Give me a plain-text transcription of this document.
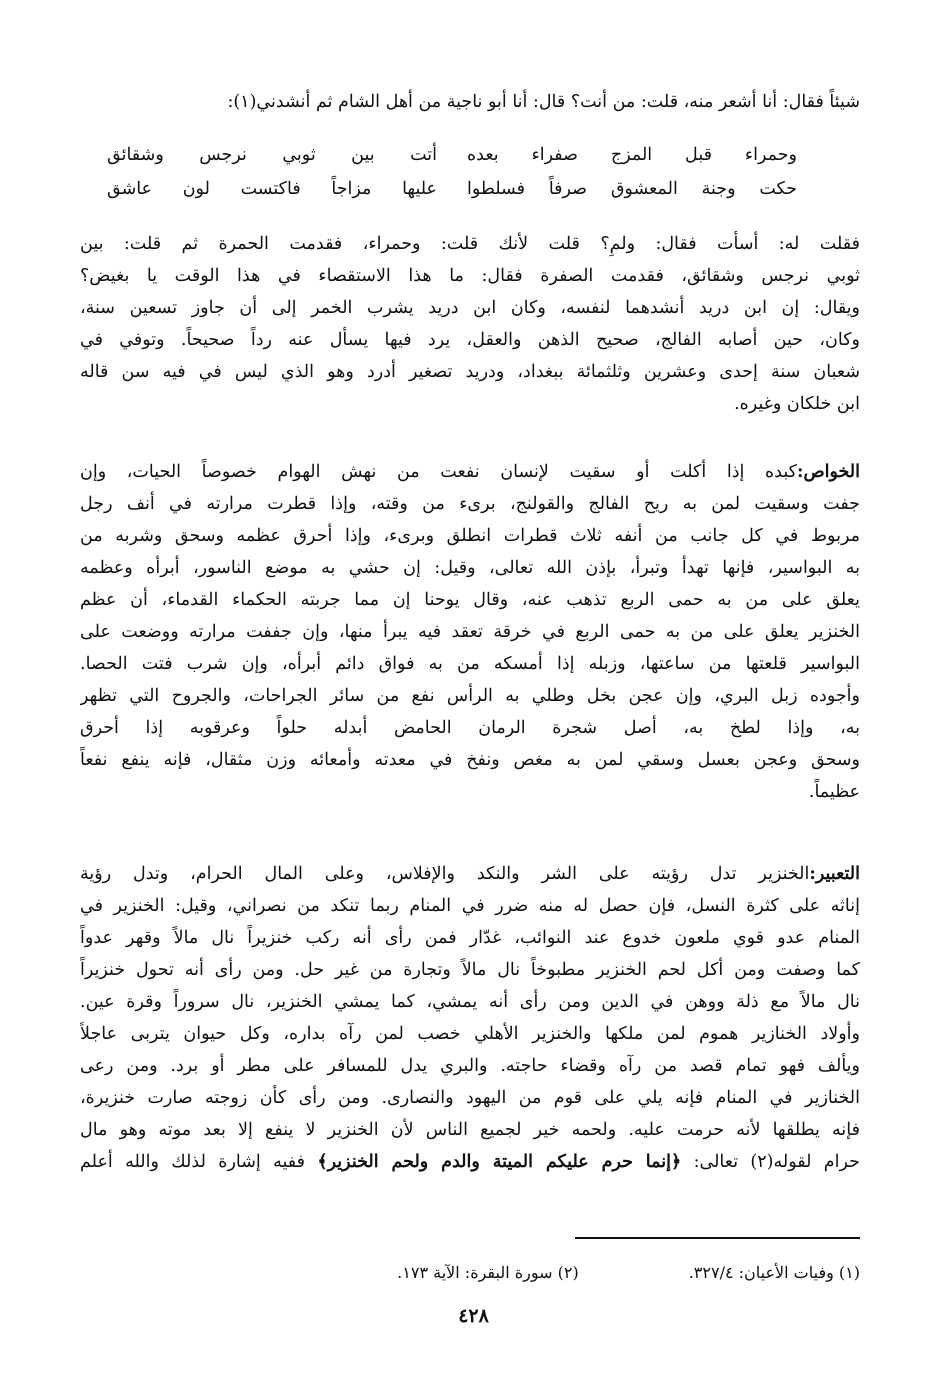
شيئاً فقال: أنا أشعر منه، قلت: من أنت؟ قال: أنا أبو ناجية من أهل الشام ثم أنشدني(١):
وحمراء قبل المزج صفراء بعده
أتت بين ثوبي نرجس وشقائق
حكت وجنة المعشوق صرفاً فسلطوا
عليها مزاجاً فاكتست لون عاشق
فقلت له: أسأت فقال: ولمِ؟ قلت لأنك قلت: وحمراء، فقدمت الحمرة ثم قلت: بين
ثوبي نرجس وشقائق، فقدمت الصفرة فقال: ما هذا الاستقصاء في هذا الوقت يا بغيض؟
ويقال: إن ابن دريد أنشدهما لنفسه، وكان ابن دريد يشرب الخمر إلى أن جاوز تسعين سنة،
وكان، حين أصابه الفالج، صحيح الذهن والعقل، يرد فيها يسأل عنه رداً صحيحاً. وتوفي في
شعبان سنة إحدى وعشرين وثلثمائة ببغداد، ودريد تصغير أدرد وهو الذي ليس في فيه سن قاله
ابن خلكان وغيره.
الخواص:كبده إذا أكلت أو سقيت لإنسان نفعت من نهش الهوام خصوصاً الحيات، وإن
جفت وسقيت لمن به ريح الفالج والقولنج، برىء من وقته، وإذا قطرت مرارته في أنف رجل
مربوط في كل جانب من أنفه ثلاث قطرات انطلق وبرىء، وإذا أحرق عظمه وسحق وشربه من
به البواسير، فإنها تهدأ وتبرأ، بإذن الله تعالى، وقيل: إن حشي به موضع الناسور، أبرأه وعظمه
يعلق على من به حمى الربع تذهب عنه، وقال يوحنا إن مما جربته الحكماء القدماء، أن عظم
الخنزير يعلق على من به حمى الربع في خرقة تعقد فيه يبرأ منها، وإن جففت مرارته ووضعت على
البواسير قلعتها من ساعتها، وزبله إذا أمسكه من به فواق دائم أبرأه، وإن شرب فتت الحصا.
وأجوده زبل البري، وإن عجن بخل وطلي به الرأس نفع من سائر الجراحات، والجروح التي تظهر
به، وإذا لطخ به، أصل شجرة الرمان الحامض أبدله حلواً وعرقوبه إذا أحرق
وسحق وعجن بعسل وسقي لمن به مغص ونفخ في معدته وأمعائه وزن مثقال، فإنه ينفع نفعاً
عظيماً.
التعبير:الخنزير تدل رؤيته على الشر والنكد والإفلاس، وعلى المال الحرام، وتدل رؤية
إناثه على كثرة النسل، فإن حصل له منه ضرر في المنام ربما تنكد من نصراني، وقيل: الخنزير في
المنام عدو قوي ملعون خدوع عند النوائب، غدّار فمن رأى أنه ركب خنزيراً نال مالاً وقهر عدواً
كما وصفت ومن أكل لحم الخنزير مطبوخاً نال مالاً وتجارة من غير حل. ومن رأى أنه تحول خنزيراً
نال مالاً مع ذلة ووهن في الدين ومن رأى أنه يمشي، كما يمشي الخنزير، نال سروراً وقرة عين.
وأولاد الخنازير هموم لمن ملكها والخنزير الأهلي خصب لمن رآه بداره، وكل حيوان يتربى عاجلاً
ويألف فهو تمام قصد من رآه وقضاء حاجته. والبري يدل للمسافر على مطر أو برد. ومن رعى
الخنازير في المنام فإنه يلي على قوم من اليهود والنصارى. ومن رأى كأن زوجته صارت خنزيرة،
فإنه يطلقها لأنه حرمت عليه. ولحمه خير لجميع الناس لأن الخنزير لا ينفع إلا بعد موته وهو مال
حرام لقوله(٢) تعالى: ﴿إنما حرم عليكم الميتة والدم ولحم الخنزير﴾ ففيه إشارة لذلك والله أعلم
(١) وفيات الأعيان: ٣٢٧/٤.
(٢) سورة البقرة: الآية ١٧٣.
٤٢٨
